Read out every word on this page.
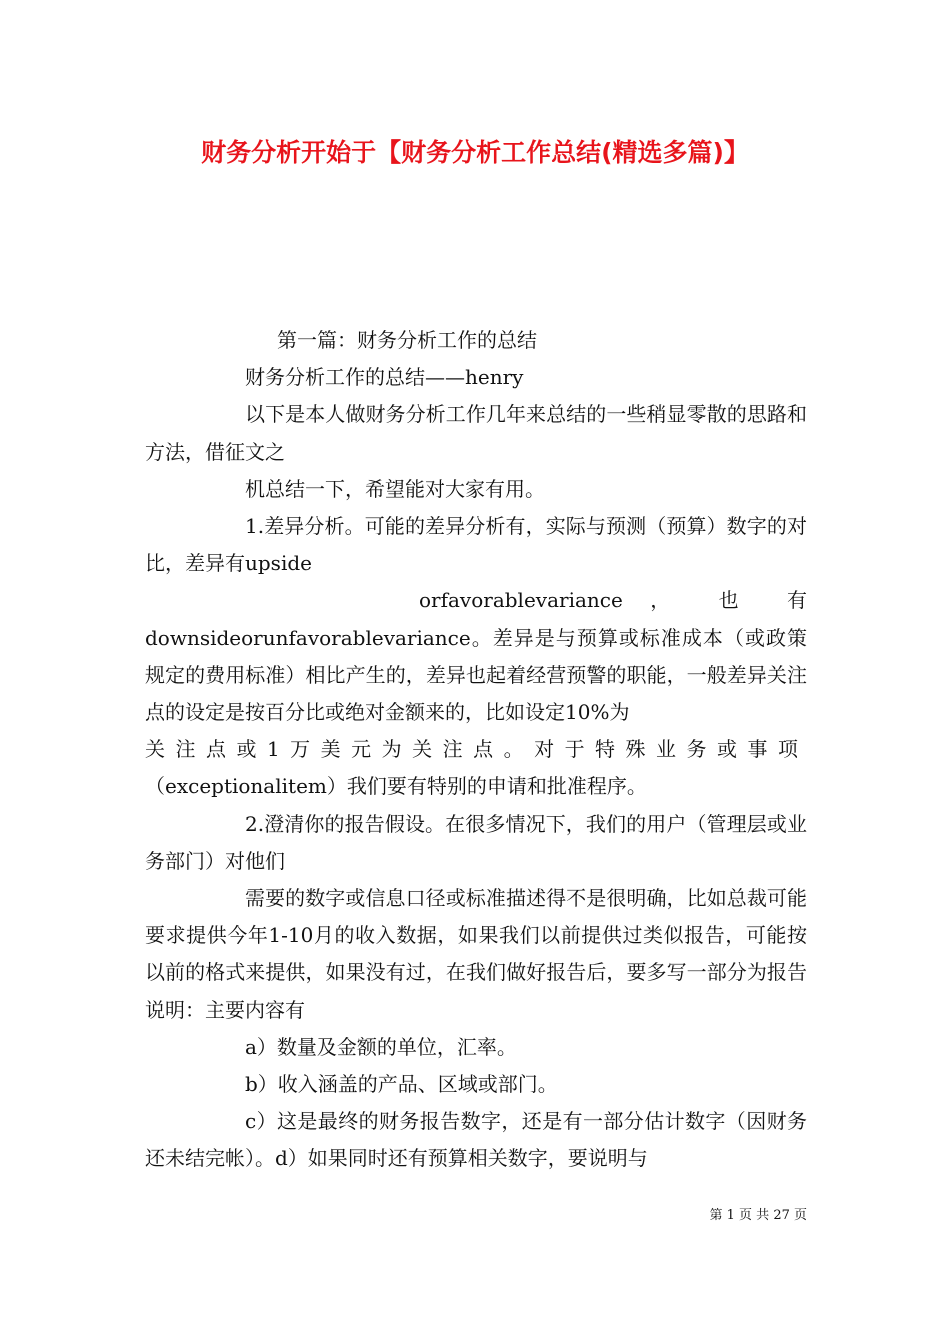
财务分析开始于【财务分析工作总结(精选多篇)】

第一篇：财务分析工作的总结

财务分析工作的总结——henry

以下是本人做财务分析工作几年来总结的一些稍显零散的思路和方法，借征文之

机总结一下，希望能对大家有用。

1.差异分析。可能的差异分析有，实际与预测（预算）数字的对比，差异有upside

orfavorablevariance ， 也 有

downsideorunfavorablevariance。差异是与预算或标准成本（或政策规定的费用标准）相比产生的，差异也起着经营预警的职能，一般差异关注点的设定是按百分比或绝对金额来的，比如设定10%为

关注点或1万美元为关注点。对于特殊业务或事项

（exceptionalitem）我们要有特别的申请和批准程序。

2.澄清你的报告假设。在很多情况下，我们的用户（管理层或业务部门）对他们

需要的数字或信息口径或标准描述得不是很明确，比如总裁可能要求提供今年1-10月的收入数据，如果我们以前提供过类似报告，可能按以前的格式来提供，如果没有过，在我们做好报告后，要多写一部分为报告说明：主要内容有

a）数量及金额的单位，汇率。

b）收入涵盖的产品、区域或部门。

c）这是最终的财务报告数字，还是有一部分估计数字（因财务还未结完帐）。d）如果同时还有预算相关数字，要说明与

第 1 页 共 27 页
